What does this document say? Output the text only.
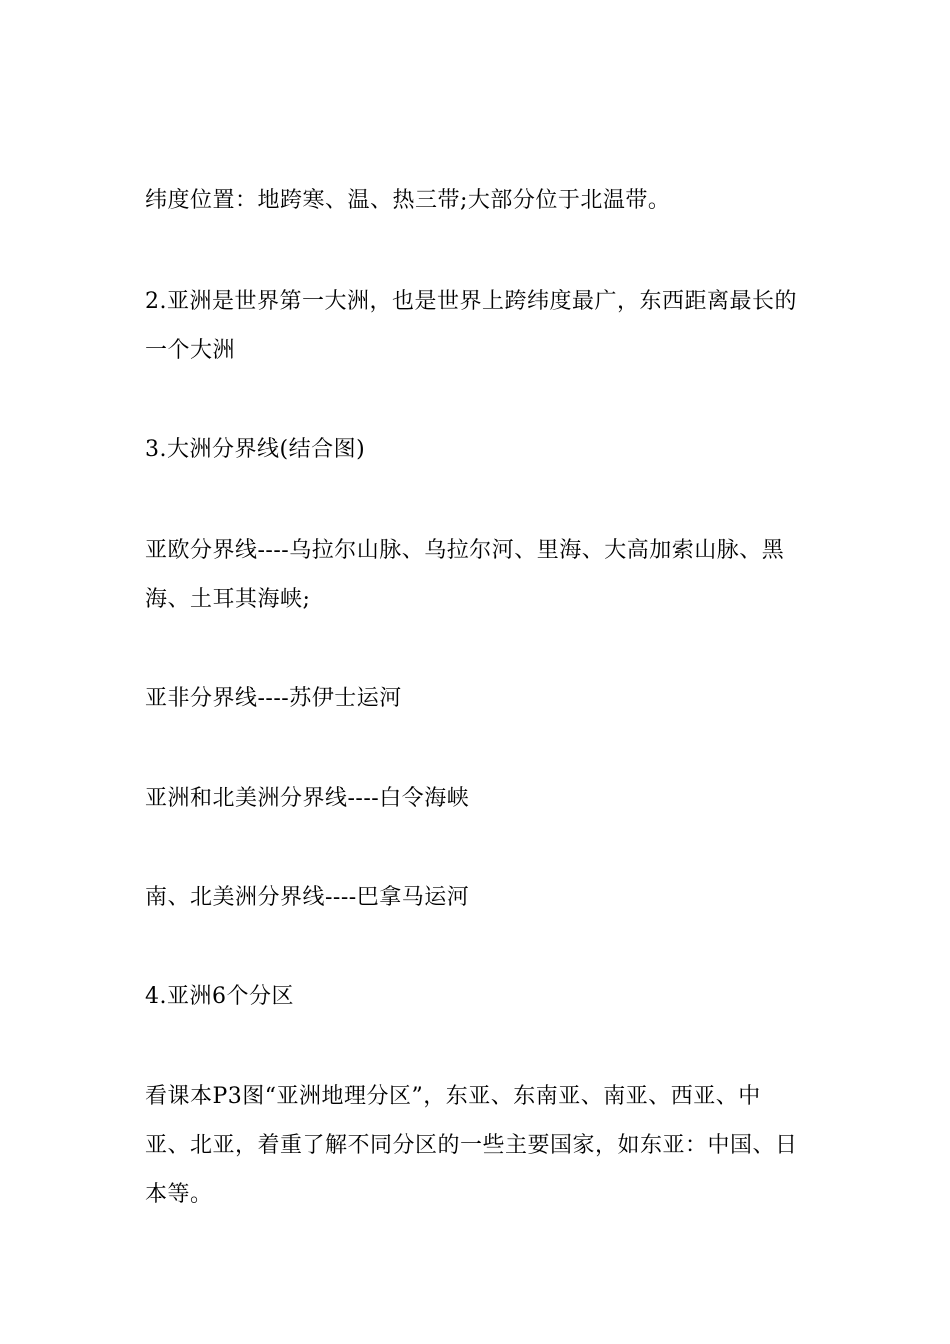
纬度位置：地跨寒、温、热三带;大部分位于北温带。

2.亚洲是世界第一大洲，也是世界上跨纬度最广，东西距离最长的
一个大洲

3.大洲分界线(结合图)

亚欧分界线----乌拉尔山脉、乌拉尔河、里海、大高加索山脉、黑
海、土耳其海峡;

亚非分界线----苏伊士运河

亚洲和北美洲分界线----白令海峡

南、北美洲分界线----巴拿马运河

4.亚洲6个分区

看课本P3图“亚洲地理分区”，东亚、东南亚、南亚、西亚、中
亚、北亚，着重了解不同分区的一些主要国家，如东亚：中国、日
本等。
